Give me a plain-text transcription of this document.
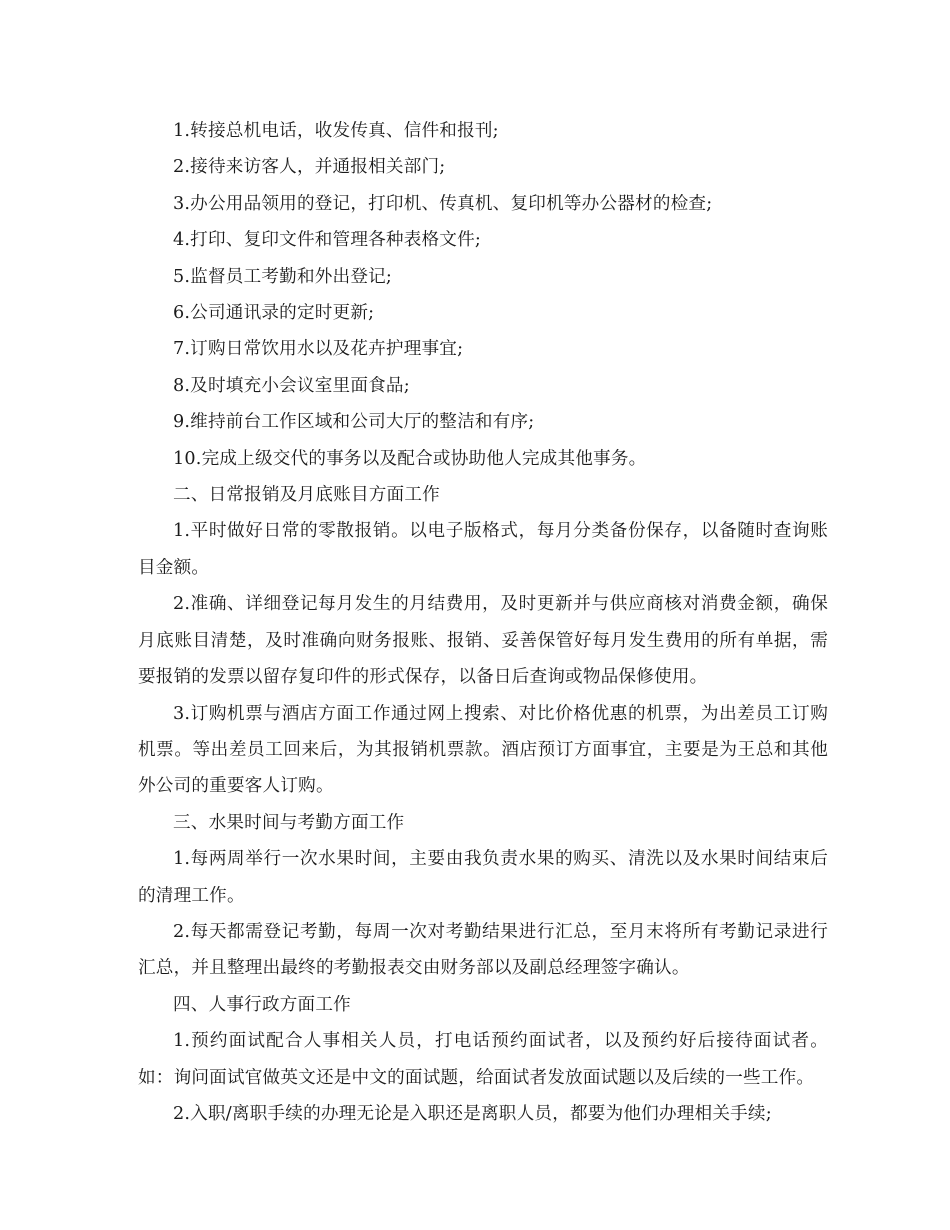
1.转接总机电话，收发传真、信件和报刊;

2.接待来访客人，并通报相关部门;

3.办公用品领用的登记，打印机、传真机、复印机等办公器材的检查;

4.打印、复印文件和管理各种表格文件;

5.监督员工考勤和外出登记;

6.公司通讯录的定时更新;

7.订购日常饮用水以及花卉护理事宜;

8.及时填充小会议室里面食品;

9.维持前台工作区域和公司大厅的整洁和有序;

10.完成上级交代的事务以及配合或协助他人完成其他事务。

二、日常报销及月底账目方面工作

1.平时做好日常的零散报销。以电子版格式，每月分类备份保存，以备随时查询账目金额。

2.准确、详细登记每月发生的月结费用，及时更新并与供应商核对消费金额，确保月底账目清楚，及时准确向财务报账、报销、妥善保管好每月发生费用的所有单据，需要报销的发票以留存复印件的形式保存，以备日后查询或物品保修使用。

3.订购机票与酒店方面工作通过网上搜索、对比价格优惠的机票，为出差员工订购机票。等出差员工回来后，为其报销机票款。酒店预订方面事宜，主要是为王总和其他外公司的重要客人订购。

三、水果时间与考勤方面工作

1.每两周举行一次水果时间，主要由我负责水果的购买、清洗以及水果时间结束后的清理工作。

2.每天都需登记考勤，每周一次对考勤结果进行汇总，至月末将所有考勤记录进行汇总，并且整理出最终的考勤报表交由财务部以及副总经理签字确认。

四、人事行政方面工作

1.预约面试配合人事相关人员，打电话预约面试者，以及预约好后接待面试者。如：询问面试官做英文还是中文的面试题，给面试者发放面试题以及后续的一些工作。

2.入职/离职手续的办理无论是入职还是离职人员，都要为他们办理相关手续;
